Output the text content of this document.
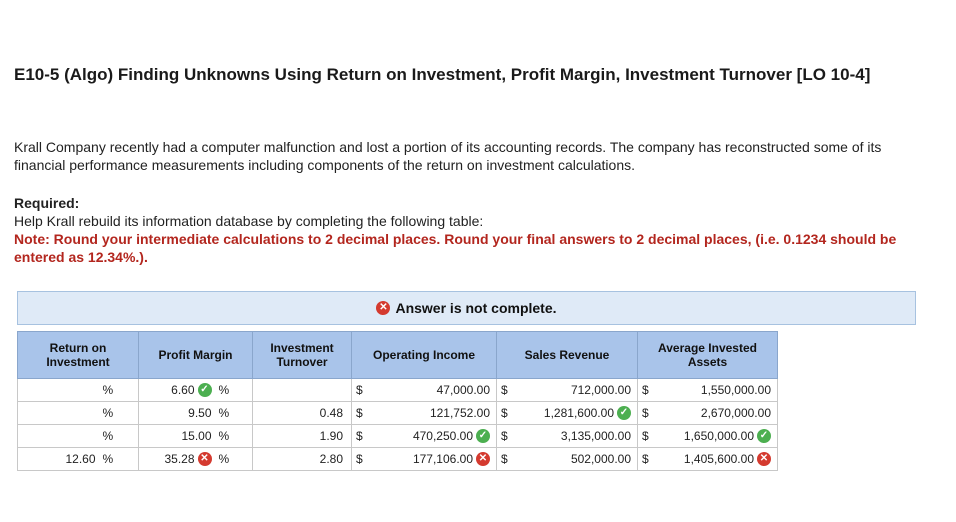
E10-5 (Algo) Finding Unknowns Using Return on Investment, Profit Margin, Investment Turnover [LO 10-4]
Krall Company recently had a computer malfunction and lost a portion of its accounting records. The company has reconstructed some of its financial performance measurements including components of the return on investment calculations.
Required:
Help Krall rebuild its information database by completing the following table:
Note: Round your intermediate calculations to 2 decimal places. Round your final answers to 2 decimal places, (i.e. 0.1234 should be entered as 12.34%.).
✕ Answer is not complete.
Return on Investment		Profit Margin		Investment Turnover	Operating Income		Sales Revenue		Average Invested Assets	
	%	6.60 ✓	%		$	47,000.00	$	712,000.00	$	1,550,000.00
	%	9.50	%	0.48	$	121,752.00	$	1,281,600.00 ✓	$	2,670,000.00
	%	15.00	%	1.90	$	470,250.00 ✓	$	3,135,000.00	$	1,650,000.00 ✓
12.60	%	35.28 ✕	%	2.80	$	177,106.00 ✕	$	502,000.00	$	1,405,600.00 ✕
